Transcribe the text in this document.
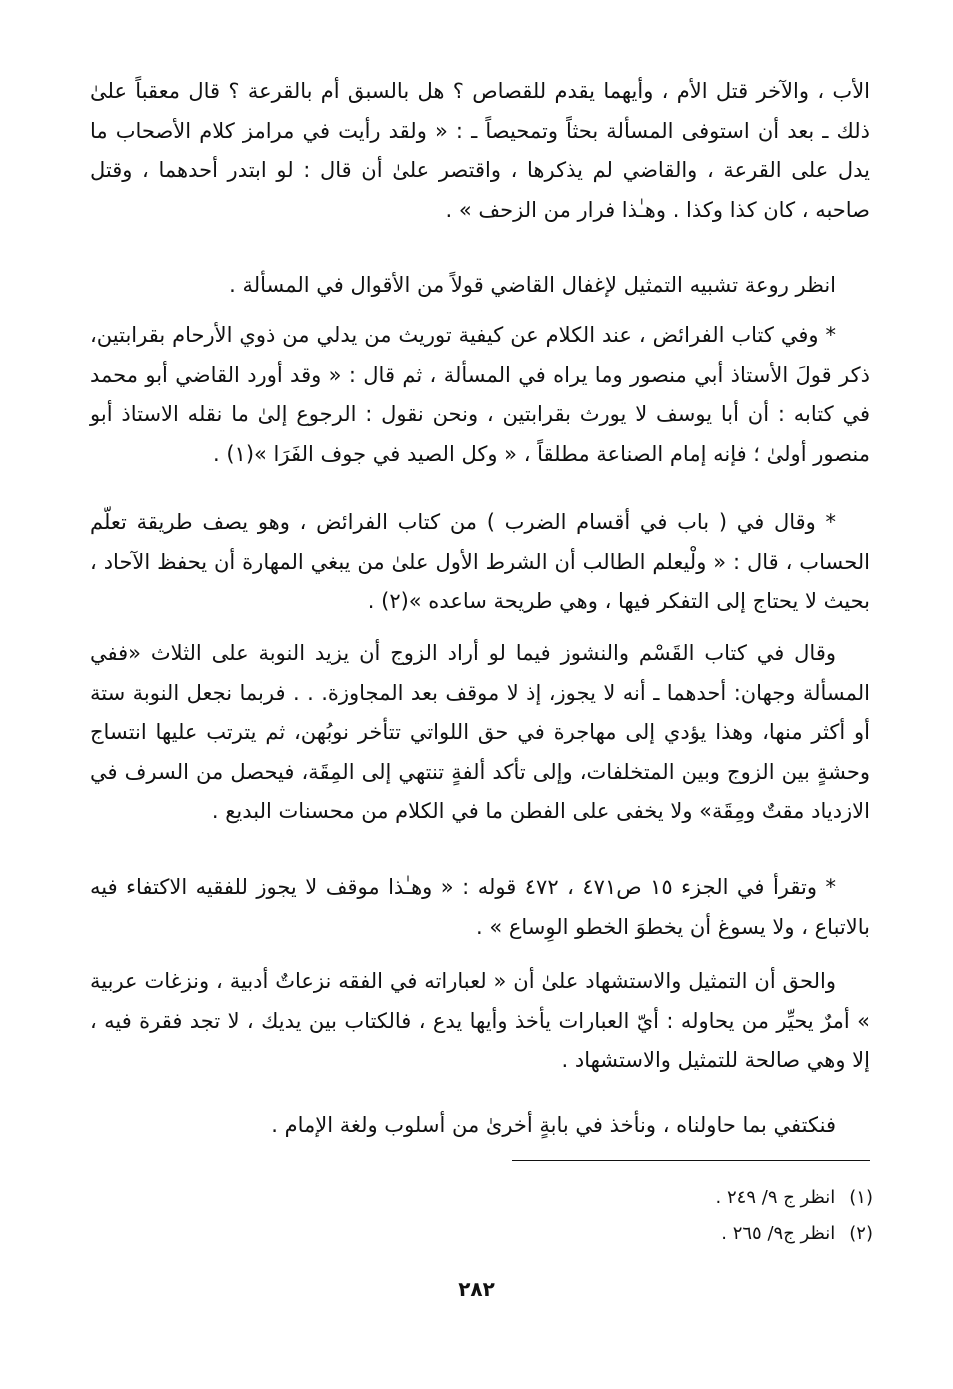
الأب ، والآخر قتل الأم ، وأيهما يقدم للقصاص ؟ هل بالسبق أم بالقرعة ؟ قال معقباً علىٰ ذلك ـ بعد أن استوفى المسألة بحثاً وتمحيصاً ـ : « ولقد رأيت في مرامز كلام الأصحاب ما يدل على القرعة ، والقاضي لم يذكرها ، واقتصر علىٰ أن قال : لو ابتدر أحدهما ، وقتل صاحبه ، كان كذا وكذا . وهـٰذا فرار من الزحف » .
انظر روعة تشبيه التمثيل لإغفال القاضي قولاً من الأقوال في المسألة .
* وفي كتاب الفرائض ، عند الكلام عن كيفية توريث من يدلي من ذوي الأرحام بقرابتين، ذكر قولَ الأستاذ أبي منصور وما يراه في المسألة ، ثم قال : « وقد أورد القاضي أبو محمد في كتابه : أن أبا يوسف لا يورث بقرابتين ، ونحن نقول : الرجوع إلىٰ ما نقله الاستاذ أبو منصور أولىٰ ؛ فإنه إمام الصناعة مطلقاً ، « وكل الصيد في جوف الفَرَا »(١) .
* وقال في ( باب في أقسام الضرب ) من كتاب الفرائض ، وهو يصف طريقة تعلّم الحساب ، قال : « ولْيعلم الطالب أن الشرط الأول علىٰ من يبغي المهارة أن يحفظ الآحاد ، بحيث لا يحتاج إلى التفكر فيها ، وهي طريحة ساعده »(٢) .
وقال في كتاب القَسْم والنشوز فيما لو أراد الزوج أن يزيد النوبة على الثلاث «ففي المسألة وجهان: أحدهما ـ أنه لا يجوز، إذ لا موقف بعد المجاوزة. . . فربما نجعل النوبة ستة أو أكثر منها، وهذا يؤدي إلى مهاجرة في حق اللواتي تتأخر نوبُهن، ثم يترتب عليها انتساج وحشةٍ بين الزوج وبين المتخلفات، وإلى تأكد ألفةٍ تنتهي إلى المِقَة، فيحصل من السرف في الازدياد مقتٌ ومِقَة» ولا يخفى على الفطن ما في الكلام من محسنات البديع .
* وتقرأ في الجزء ١٥ ص٤٧١ ، ٤٧٢ قوله : « وهـٰذا موقف لا يجوز للفقيه الاكتفاء فيه بالاتباع ، ولا يسوغ أن يخطوَ الخطو الوِساع » .
والحق أن التمثيل والاستشهاد علىٰ أن « لعباراته في الفقه نزعاتٌ أدبية ، ونزغات عربية » أمرٌ يحيِّر من يحاوله : أيّ العبارات يأخذ وأيها يدع ، فالكتاب بين يديك ، لا تجد فقرة فيه ، إلا وهي صالحة للتمثيل والاستشهاد .
فنكتفي بما حاولناه ، ونأخذ في بابةٍ أخرىٰ من أسلوب ولغة الإمام .
(١)انظر ج ٩/ ٢٤٩ .
(٢)انظر ج٩/ ٢٦٥ .
٢٨٢
